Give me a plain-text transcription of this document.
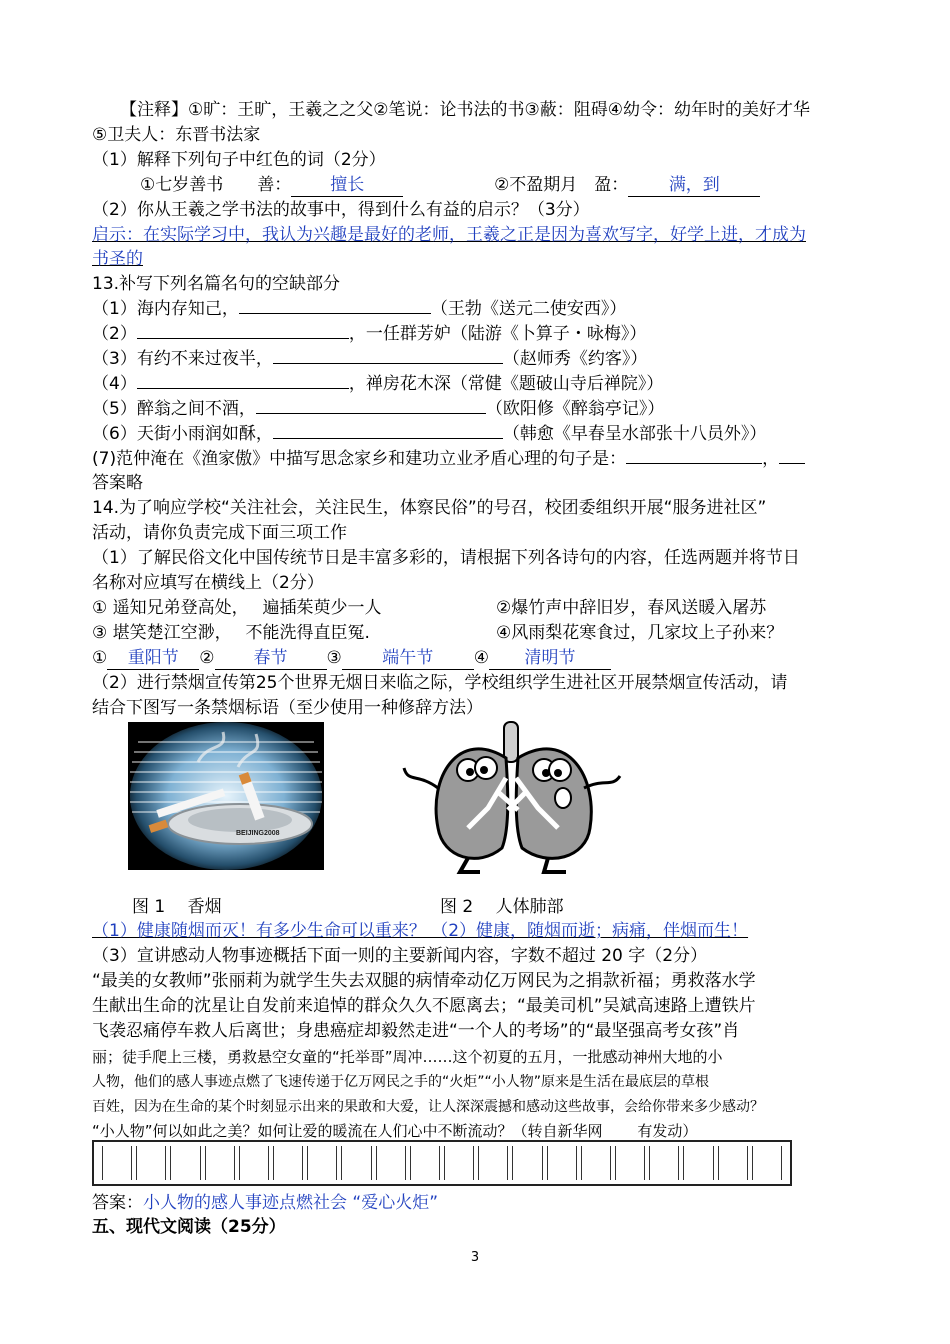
【注释】①旷：王旷，王羲之之父②笔说：论书法的书③蔽：阻碍④幼令：幼年时的美好才华
⑤卫夫人：东晋书法家
（1）解释下列句子中红色的词（2分）
①七岁善书　　善： 擅长	②不盈期月　盈： 满，到
（2）你从王羲之学书法的故事中，得到什么有益的启示？（3分）
启示：在实际学习中，我认为兴趣是最好的老师，王羲之正是因为喜欢写字，好学上进，才成为
书圣的
13.补写下列名篇名句的空缺部分
（1）海内存知己，	（王勃《送元二使安西》）
（2）	，一任群芳妒（陆游《卜算子・咏梅》）
（3）有约不来过夜半，	（赵师秀《约客》）
（4）	，禅房花木深（常健《题破山寺后禅院》）
（5）醉翁之间不酒，	（欧阳修《醉翁亭记》）
（6）天街小雨润如酥，	（韩愈《早春呈水部张十八员外》）
(7)范仲淹在《渔家傲》中描写思念家乡和建功立业矛盾心理的句子是：	，
答案略
14.为了响应学校“关注社会，关注民生，体察民俗”的号召，校团委组织开展“服务进社区”
活动，请你负责完成下面三项工作
（1）了解民俗文化中国传统节日是丰富多彩的，请根据下列各诗句的内容，任选两题并将节日
名称对应填写在横线上（2分）
① 遥知兄弟登高处，　 遍插茱萸少一人	②爆竹声中辞旧岁，春风送暖入屠苏
③ 堪笑楚江空渺，　 不能洗得直臣冤.	④风雨梨花寒食过，几家坟上子孙来？
① 重阳节 ② 春节 ③ 端午节 ④ 清明节
（2）进行禁烟宣传第25个世界无烟日来临之际，学校组织学生进社区开展禁烟宣传活动，请
结合下图写一条禁烟标语（至少使用一种修辞方法）
BEIJING2008
图 1　 香烟	图 2　 人体肺部
（1）健康随烟而灭！有多少生命可以重来？ （2）健康，随烟而逝；病痛，伴烟而生！
（3）宣讲感动人物事迹概括下面一则的主要新闻内容，字数不超过 20 字（2分）
“最美的女教师”张丽莉为就学生失去双腿的病情牵动亿万网民为之捐款祈福；勇救落水学
生献出生命的沈星让自发前来追悼的群众久久不愿离去；“最美司机”吴斌高速路上遭铁片
飞袭忍痛停车救人后离世；身患癌症却毅然走进“一个人的考场”的“最坚强高考女孩”肖
丽；徒手爬上三楼，勇救悬空女童的“托举哥”周冲……这个初夏的五月，一批感动神州大地的小
人物，他们的感人事迹点燃了飞速传递于亿万网民之手的“火炬”“小人物”原来是生活在最底层的草根
百姓，因为在生命的某个时刻显示出来的果敢和大爱，让人深深震撼和感动这些故事，会给你带来多少感动？
“小人物”何以如此之美？如何让爱的暖流在人们心中不断流动？（转自新华网　　 有发动）
答案：小人物的感人事迹点燃社会 “爱心火炬”
五、现代文阅读（25分）
3
